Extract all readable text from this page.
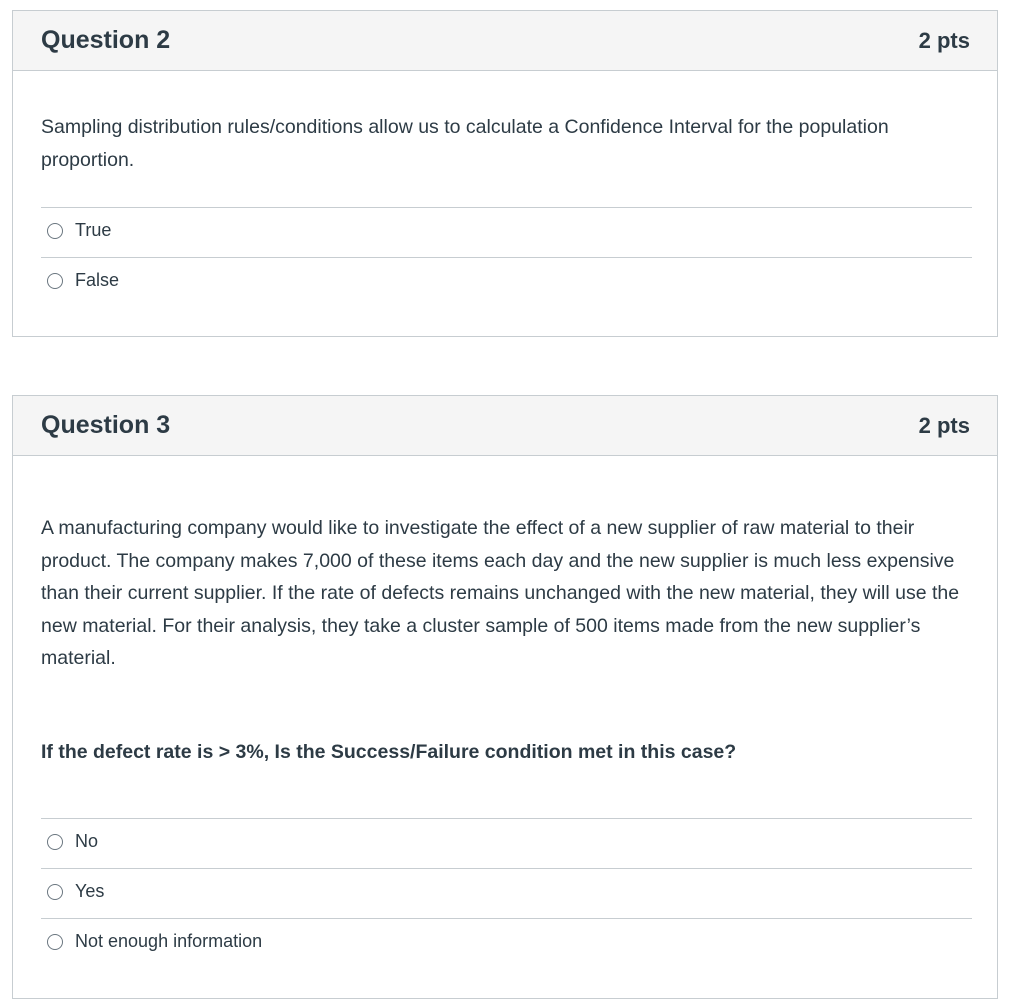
Question 2	2 pts

Sampling distribution rules/conditions allow us to calculate a Confidence Interval for the population proportion.

True
False
Question 3	2 pts

A manufacturing company would like to investigate the effect of a new supplier of raw material to their product. The company makes 7,000 of these items each day and the new supplier is much less expensive than their current supplier. If the rate of defects remains unchanged with the new material, they will use the new material. For their analysis, they take a cluster sample of 500 items made from the new supplier’s material.

If the defect rate is > 3%, Is the Success/Failure condition met in this case?

No
Yes
Not enough information
